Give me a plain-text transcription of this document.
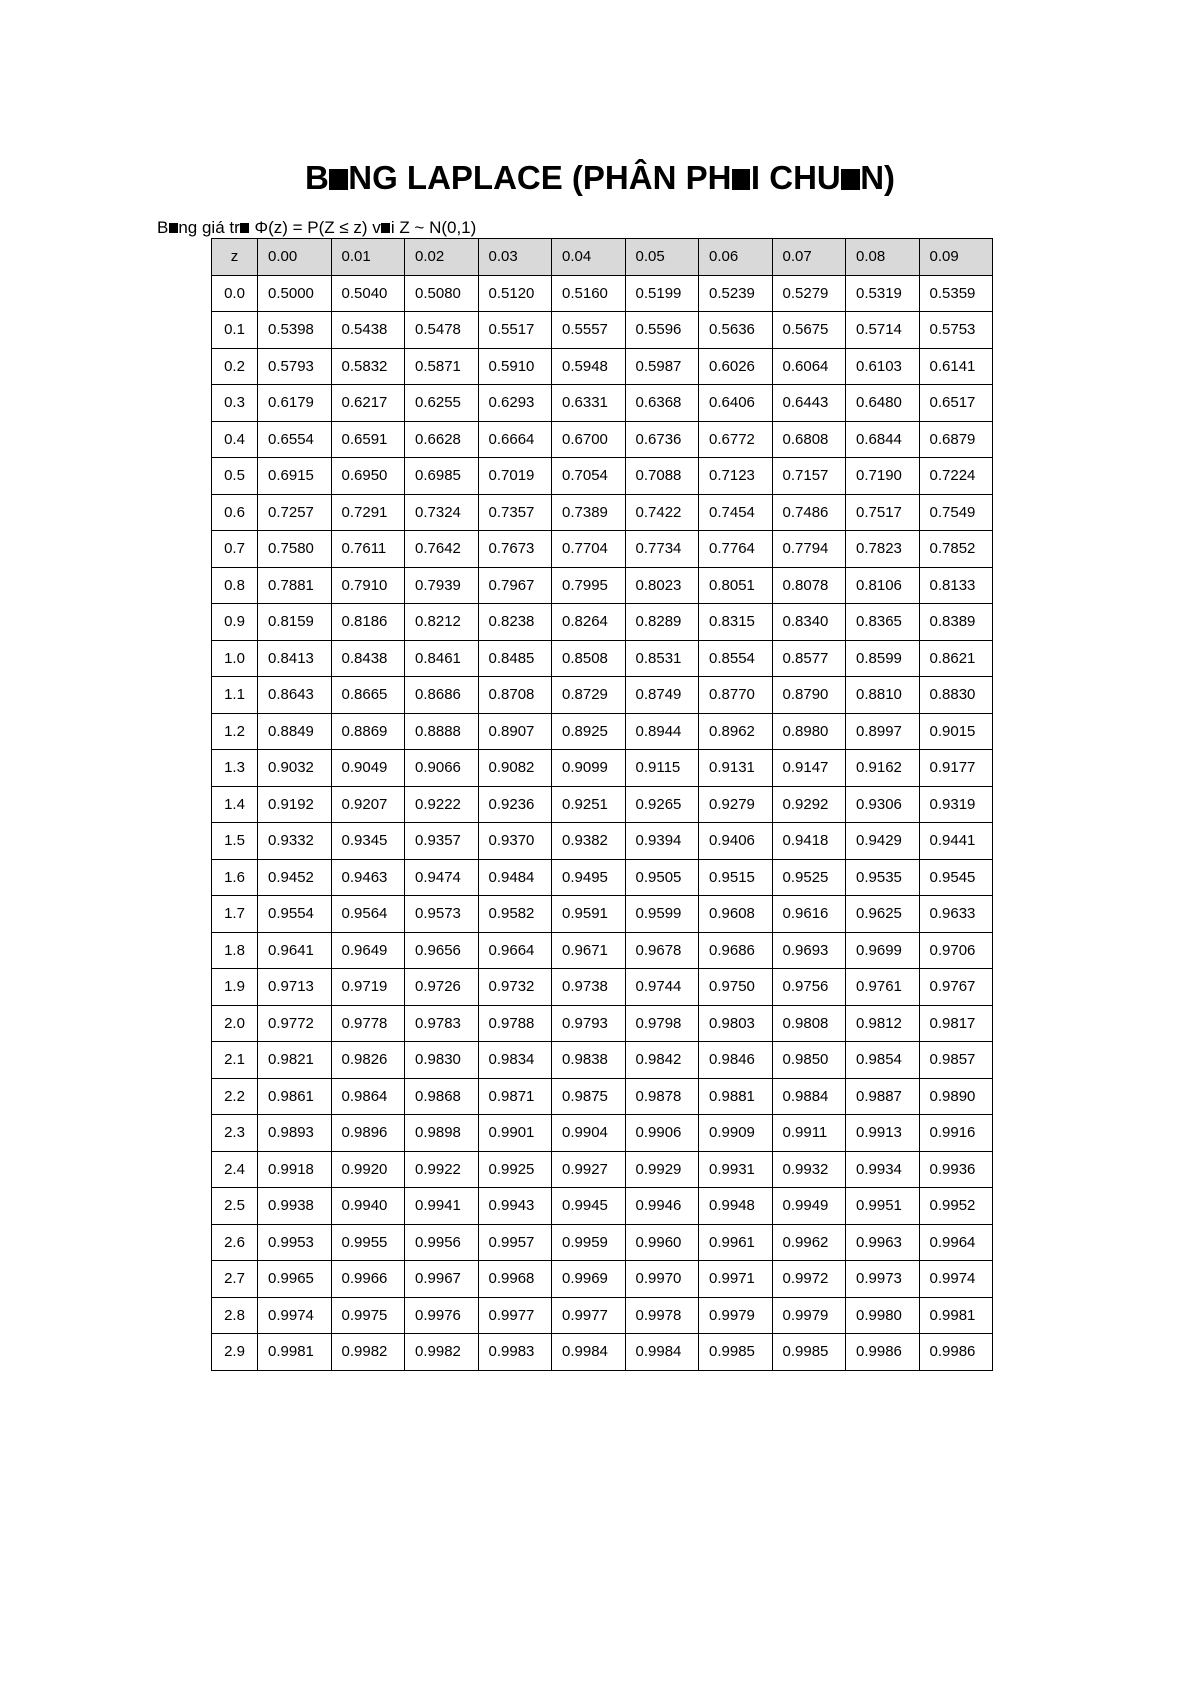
B NG LAPLACE (PHÂN PH I CHU N)
B ng giá tr Φ(z) = P(Z ≤ z) v i Z ~ N(0,1)
z	0.00	0.01	0.02	0.03	0.04	0.05	0.06	0.07	0.08	0.09
0.0	0.5000	0.5040	0.5080	0.5120	0.5160	0.5199	0.5239	0.5279	0.5319	0.5359
0.1	0.5398	0.5438	0.5478	0.5517	0.5557	0.5596	0.5636	0.5675	0.5714	0.5753
0.2	0.5793	0.5832	0.5871	0.5910	0.5948	0.5987	0.6026	0.6064	0.6103	0.6141
0.3	0.6179	0.6217	0.6255	0.6293	0.6331	0.6368	0.6406	0.6443	0.6480	0.6517
0.4	0.6554	0.6591	0.6628	0.6664	0.6700	0.6736	0.6772	0.6808	0.6844	0.6879
0.5	0.6915	0.6950	0.6985	0.7019	0.7054	0.7088	0.7123	0.7157	0.7190	0.7224
0.6	0.7257	0.7291	0.7324	0.7357	0.7389	0.7422	0.7454	0.7486	0.7517	0.7549
0.7	0.7580	0.7611	0.7642	0.7673	0.7704	0.7734	0.7764	0.7794	0.7823	0.7852
0.8	0.7881	0.7910	0.7939	0.7967	0.7995	0.8023	0.8051	0.8078	0.8106	0.8133
0.9	0.8159	0.8186	0.8212	0.8238	0.8264	0.8289	0.8315	0.8340	0.8365	0.8389
1.0	0.8413	0.8438	0.8461	0.8485	0.8508	0.8531	0.8554	0.8577	0.8599	0.8621
1.1	0.8643	0.8665	0.8686	0.8708	0.8729	0.8749	0.8770	0.8790	0.8810	0.8830
1.2	0.8849	0.8869	0.8888	0.8907	0.8925	0.8944	0.8962	0.8980	0.8997	0.9015
1.3	0.9032	0.9049	0.9066	0.9082	0.9099	0.9115	0.9131	0.9147	0.9162	0.9177
1.4	0.9192	0.9207	0.9222	0.9236	0.9251	0.9265	0.9279	0.9292	0.9306	0.9319
1.5	0.9332	0.9345	0.9357	0.9370	0.9382	0.9394	0.9406	0.9418	0.9429	0.9441
1.6	0.9452	0.9463	0.9474	0.9484	0.9495	0.9505	0.9515	0.9525	0.9535	0.9545
1.7	0.9554	0.9564	0.9573	0.9582	0.9591	0.9599	0.9608	0.9616	0.9625	0.9633
1.8	0.9641	0.9649	0.9656	0.9664	0.9671	0.9678	0.9686	0.9693	0.9699	0.9706
1.9	0.9713	0.9719	0.9726	0.9732	0.9738	0.9744	0.9750	0.9756	0.9761	0.9767
2.0	0.9772	0.9778	0.9783	0.9788	0.9793	0.9798	0.9803	0.9808	0.9812	0.9817
2.1	0.9821	0.9826	0.9830	0.9834	0.9838	0.9842	0.9846	0.9850	0.9854	0.9857
2.2	0.9861	0.9864	0.9868	0.9871	0.9875	0.9878	0.9881	0.9884	0.9887	0.9890
2.3	0.9893	0.9896	0.9898	0.9901	0.9904	0.9906	0.9909	0.9911	0.9913	0.9916
2.4	0.9918	0.9920	0.9922	0.9925	0.9927	0.9929	0.9931	0.9932	0.9934	0.9936
2.5	0.9938	0.9940	0.9941	0.9943	0.9945	0.9946	0.9948	0.9949	0.9951	0.9952
2.6	0.9953	0.9955	0.9956	0.9957	0.9959	0.9960	0.9961	0.9962	0.9963	0.9964
2.7	0.9965	0.9966	0.9967	0.9968	0.9969	0.9970	0.9971	0.9972	0.9973	0.9974
2.8	0.9974	0.9975	0.9976	0.9977	0.9977	0.9978	0.9979	0.9979	0.9980	0.9981
2.9	0.9981	0.9982	0.9982	0.9983	0.9984	0.9984	0.9985	0.9985	0.9986	0.9986
